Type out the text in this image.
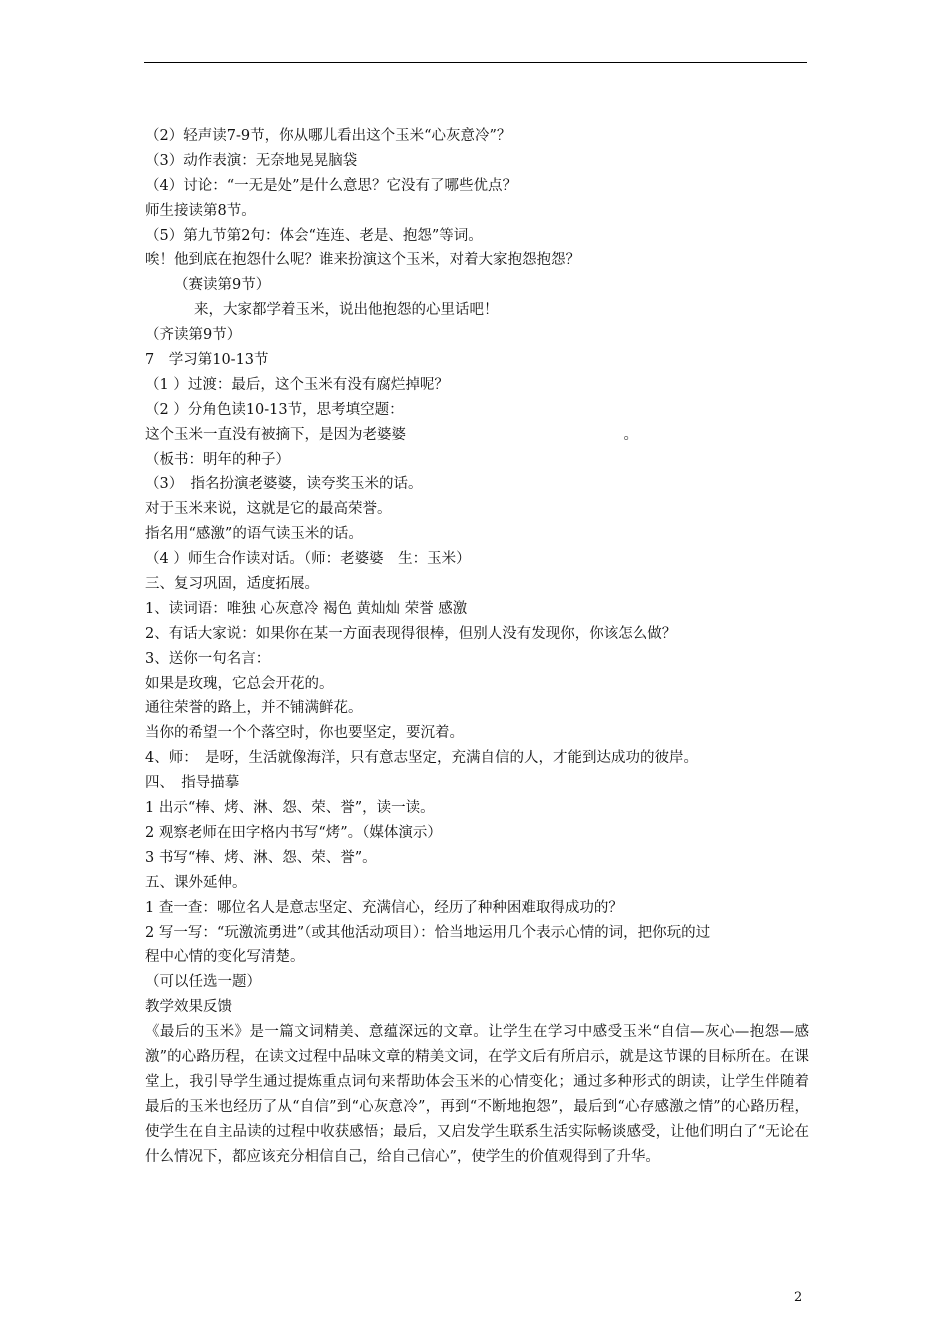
（2）轻声读7-9节，你从哪儿看出这个玉米“心灰意冷”？
（3）动作表演：无奈地晃晃脑袋
（4）讨论：“一无是处”是什么意思？它没有了哪些优点？
师生接读第8节。
（5）第九节第2句：体会“连连、老是、抱怨”等词。
唉！他到底在抱怨什么呢？谁来扮演这个玉米，对着大家抱怨抱怨？
（赛读第9节）
来，大家都学着玉米，说出他抱怨的心里话吧！
（齐读第9节）
7　学习第10-13节
（1 ）过渡：最后，这个玉米有没有腐烂掉呢？
（2 ）分角色读10-13节，思考填空题：
这个玉米一直没有被摘下，是因为老婆婆　　　　　　　　　　　　　　　。
（板书：明年的种子）
（3）　指名扮演老婆婆，读夸奖玉米的话。
对于玉米来说，这就是它的最高荣誉。
指名用“感激”的语气读玉米的话。
（4 ）师生合作读对话。（师：老婆婆　生：玉米）
三、复习巩固，适度拓展。
1、读词语：唯独 心灰意冷 褐色 黄灿灿 荣誉 感激
2、有话大家说：如果你在某一方面表现得很棒，但别人没有发现你，你该怎么做？
3、送你一句名言：
如果是玫瑰，它总会开花的。
通往荣誉的路上，并不铺满鲜花。
当你的希望一个个落空时，你也要坚定，要沉着。
4、师：　是呀，生活就像海洋，只有意志坚定，充满自信的人，才能到达成功的彼岸。
四、　指导描摹
1 出示“棒、烤、淋、怨、荣、誉”，读一读。
2 观察老师在田字格内书写“烤”。（媒体演示）
3 书写“棒、烤、淋、怨、荣、誉”。
五、课外延伸。
1 查一查：哪位名人是意志坚定、充满信心，经历了种种困难取得成功的？
2 写一写：“玩激流勇进”（或其他活动项目）：恰当地运用几个表示心情的词，把你玩的过
程中心情的变化写清楚。
（可以任选一题）
教学效果反馈

《最后的玉米》是一篇文词精美、意蕴深远的文章。让学生在学习中感受玉米“自信—灰心—抱怨—感激”的心路历程，在读文过程中品味文章的精美文词，在学文后有所启示，就是这节课的目标所在。在课堂上，我引导学生通过提炼重点词句来帮助体会玉米的心情变化；通过多种形式的朗读，让学生伴随着最后的玉米也经历了从“自信”到“心灰意冷”，再到“不断地抱怨”，最后到“心存感激之情”的心路历程，使学生在自主品读的过程中收获感悟；最后，又启发学生联系生活实际畅谈感受，让他们明白了“无论在什么情况下，都应该充分相信自己，给自己信心”，使学生的价值观得到了升华。

2
